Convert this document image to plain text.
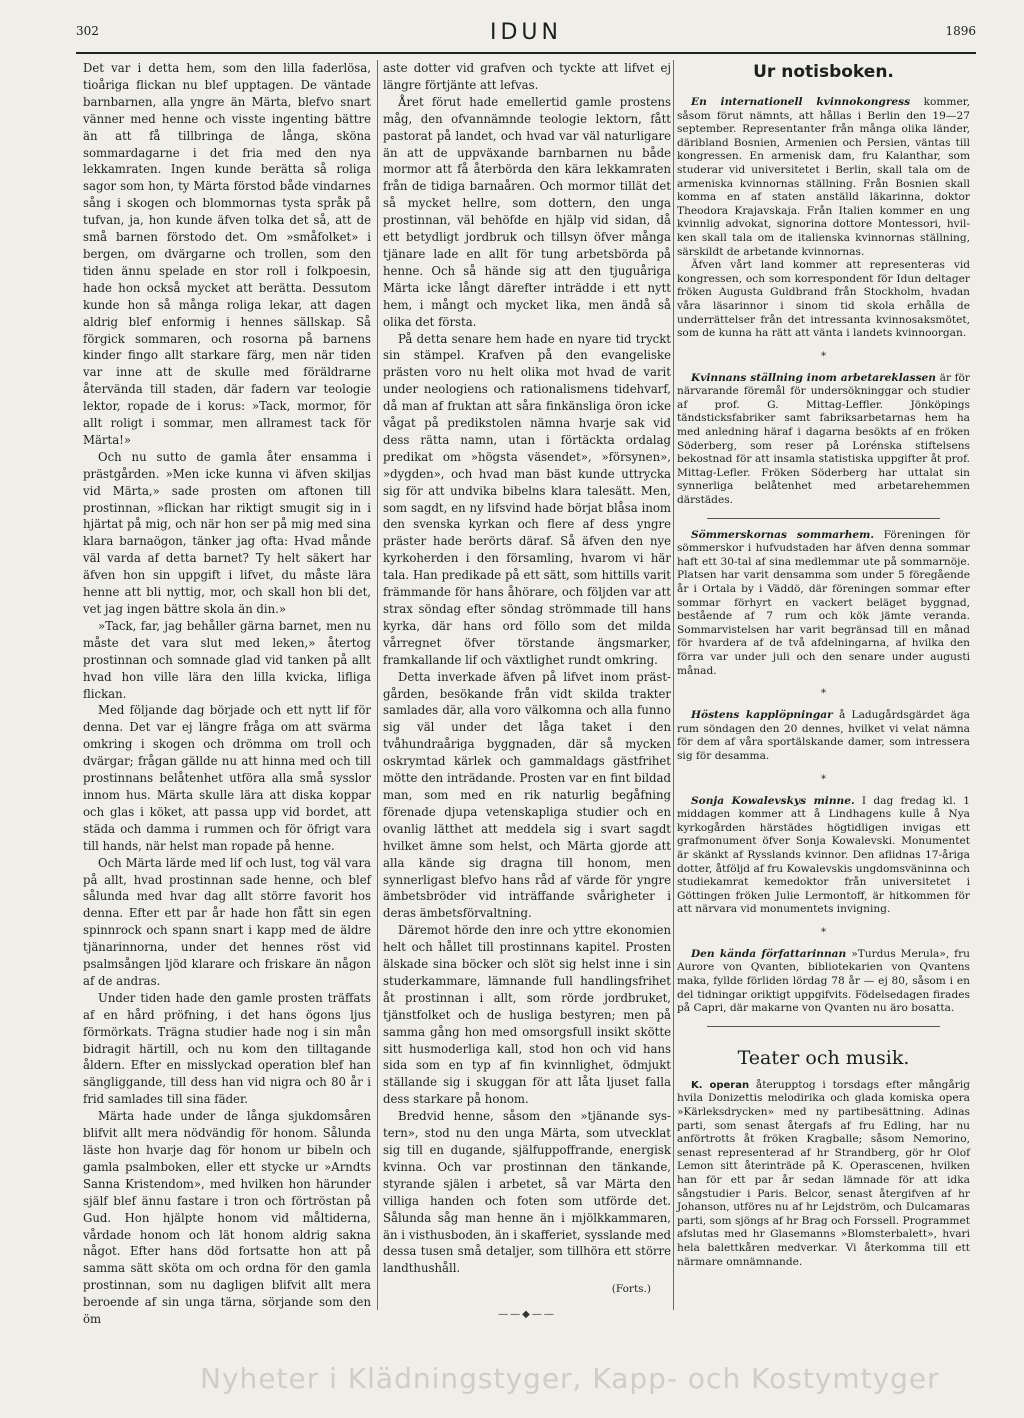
302	IDUN	1896

Det var i detta hem, som den lilla faderlösa, tioåriga flickan nu blef upptagen. De väntade barnbarnen, alla yngre än Märta, blefvo snart vänner med henne och visste ingenting bättre än att få tillbringa de långa, sköna sommardagarne i det fria med den nya lekkamraten. Ingen kunde berätta så roliga sagor som hon, ty Märta förstod både vindarnes sång i skogen och blommornas tysta språk på tufvan, ja, hon kunde äfven tolka det så, att de små barnen förstodo det. Om »småfolket» i bergen, om dvärgarne och trollen, som den tiden ännu spelade en stor roll i folkpoesin, hade hon också mycket att berätta. Dessutom kunde hon så många roliga lekar, att dagen aldrig blef enformig i hennes sällskap. Så förgick sommaren, och rosorna på barnens kinder fingo allt starkare färg, men när tiden var inne att de skulle med föräldrarne återvända till staden, där fadern var teologie lektor, ropade de i korus: »Tack, mormor, för allt roligt i sommar, men allramest tack för Märta!»

Och nu sutto de gamla åter ensamma i prästgården. »Men icke kunna vi äfven skiljas vid Märta,» sade prosten om aftonen till prostinnan, »flickan har riktigt smugit sig in i hjärtat på mig, och när hon ser på mig med sina klara barnaögon, tänker jag ofta: Hvad månde väl varda af detta barnet? Ty helt säkert har äfven hon sin uppgift i lifvet, du måste lära henne att bli nyttig, mor, och skall hon bli det, vet jag ingen bättre skola än din.»

»Tack, far, jag behåller gärna barnet, men nu måste det vara slut med leken,» återtog prostinnan och somnade glad vid tanken på allt hvad hon ville lära den lilla kvicka, lifliga flickan.

Med följande dag började och ett nytt lif för denna. Det var ej längre fråga om att svärma omkring i skogen och drömma om troll och dvärgar; frågan gällde nu att hinna med och till prostinnans belåtenhet utföra alla små sysslor innom hus. Märta skulle lära att diska koppar och glas i köket, att passa upp vid bordet, att städa och damma i rummen och för öfrigt vara till hands, när helst man ropade på henne.

Och Märta lärde med lif och lust, tog väl vara på allt, hvad prostinnan sade henne, och blef sålunda med hvar dag allt större favorit hos denna. Efter ett par år hade hon fått sin egen spinnrock och spann snart i kapp med de äldre tjänarinnorna, under det hennes röst vid psalmsången ljöd klarare och friskare än någon af de andras.

Under tiden hade den gamle prosten träffats af en hård pröfning, i det hans ögons ljus förmörkats. Trägna studier hade nog i sin mån bidragit härtill, och nu kom den tilltagande åldern. Efter en misslyckad operation blef han sängliggande, till dess han vid nigra och 80 år i frid samlades till sina fäder.

Märta hade under de långa sjukdomsåren blifvit allt mera nödvändig för honom. Sålunda läste hon hvarje dag för honom ur bibeln och gamla psalmboken, eller ett stycke ur »Arndts Sanna Kristendom», med hvilken hon härunder själf blef ännu fastare i tron och förtröstan på Gud. Hon hjälpte honom vid måltiderna, vårdade honom och lät honom aldrig sakna något. Efter hans död fortsatte hon att på samma sätt sköta om och ordna för den gamla prostinnan, som nu dagligen blifvit allt mera beroende af sin unga tärna, sörjande som den öm

aste dotter vid grafven och tyckte att lifvet ej längre förtjänte att lefvas.

Året förut hade emellertid gamle prostens måg, den ofvannämnde teologie lektorn, fått pastorat på landet, och hvad var väl naturligare än att de uppväxande barnbarnen nu både mormor att få återbörda den kära lekkamraten från de tidiga barnaåren. Och mormor tillät det så mycket hellre, som dottern, den unga prostinnan, väl behöfde en hjälp vid sidan, då ett betydligt jordbruk och tillsyn öfver många tjänare lade en allt för tung arbetsbörda på henne. Och så hände sig att den tjuguåriga Märta icke långt därefter inträdde i ett nytt hem, i mångt och mycket lika, men ändå så olika det första.

På detta senare hem hade en nyare tid tryckt sin stämpel. Krafven på den evangeliske prästen voro nu helt olika mot hvad de varit under neologiens och rationalismens tidehvarf, då man af fruktan att såra finkänsliga öron icke vågat på predikstolen nämna hvarje sak vid dess rätta namn, utan i förtäckta ordalag predikat om »högsta väsendet», »försynen», »dygden», och hvad man bäst kunde uttrycka sig för att undvika bibelns klara talesätt. Men, som sagdt, en ny lifsvind hade börjat blåsa inom den svenska kyrkan och flere af dess yngre präster hade berörts däraf. Så äfven den nye kyrkoherden i den församling, hvarom vi här tala. Han predikade på ett sätt, som hittills varit främmande för hans åhörare, och följden var att strax söndag efter söndag strömmade till hans kyrka, där hans ord föllo som det milda vårregnet öfver törstande ängsmarker, framkallande lif och växtlighet rundt omkring.

Detta inverkade äfven på lifvet inom prästgården, besökande från vidt skilda trakter samlades där, alla voro välkomna och alla funno sig väl under det låga taket i den tvåhundraåriga byggnaden, där så mycken oskrymtad kärlek och gammaldags gästfrihet mötte den inträdande. Prosten var en fint bildad man, som med en rik naturlig begåfning förenade djupa vetenskapliga studier och en ovanlig lätthet att meddela sig i svart sagdt hvilket ämne som helst, och Märta gjorde att alla kände sig dragna till honom, men synnerligast blefvo hans råd af värde för yngre ämbetsbröder vid inträffande svårigheter i deras ämbetsförvaltning.

Däremot hörde den inre och yttre ekonomien helt och hållet till prostinnans kapitel. Prosten älskade sina böcker och slöt sig helst inne i sin studerkammare, lämnande full handlingsfrihet åt prostinnan i allt, som rörde jordbruket, tjänstfolket och de husliga bestyren; men på samma gång hon med omsorgsfull insikt skötte sitt husmoderliga kall, stod hon och vid hans sida som en typ af fin kvinnlighet, ödmjukt ställande sig i skuggan för att låta ljuset falla dess starkare på honom.

Bredvid henne, såsom den »tjänande systern», stod nu den unga Märta, som utvecklat sig till en dugande, själfuppoffrande, energisk kvinna. Och var prostinnan den tänkande, styrande själen i arbetet, så var Märta den villiga handen och foten som utförde det. Sålunda såg man henne än i mjölkkammaren, än i visthusboden, än i skafferiet, sysslande med dessa tusen små detaljer, som tillhöra ett större landthushåll.

(Forts.)
——◆——
Ur notisboken.

En internationell kvinnokongress kommer, såsom förut nämnts, att hållas i Berlin den 19—27 september. Representanter från många olika länder, däribland Bosnien, Armenien och Persien, väntas till kongressen. En armenisk dam, fru Kalanthar, som studerar vid universitetet i Berlin, skall tala om de armeniska kvinnornas ställning. Från Bosnien skall komma en af staten anställd läkarinna, doktor Theodora Krajavskaja. Från Italien kommer en ung kvinnlig advokat, signorina dottore Montessori, hvilken skall tala om de italienska kvinnornas ställning, särskildt de arbetande kvinnornas.

Äfven vårt land kommer att representeras vid kongressen, och som korrespondent för Idun deltager fröken Augusta Guldbrand från Stockholm, hvadan våra läsarinnor i sinom tid skola erhålla de underrättelser från det intressanta kvinnosaksmötet, som de kunna ha rätt att vänta i landets kvinnoorgan.

*

Kvinnans ställning inom arbetareklassen är för närvarande föremål för undersökninggar och studier af prof. G. Mittag-Leffler. Jönköpings tändsticksfabriker samt fabriksarbetarnas hem ha med anledning häraf i dagarna besökts af en fröken Söderberg, som reser på Lorénska stiftelsens bekostnad för att insamla statistiska uppgifter åt prof. Mittag-Lefler. Fröken Söderberg har uttalat sin synnerliga belåtenhet med arbetarehemmen därstädes.

Sömmerskornas sommarhem. Föreningen för sömmerskor i hufvudstaden har äfven denna sommar haft ett 30-tal af sina medlemmar ute på sommarnöje. Platsen har varit densamma som under 5 föregående år i Ortala by i Väddö, där föreningen sommar efter sommar förhyrt en vackert beläget byggnad, bestående af 7 rum och kök jämte veranda. Sommarvistelsen har varit begränsad till en månad för hvardera af de två afdelningarna, af hvilka den förra var under juli och den senare under augusti månad.

*

Höstens kapplöpningar å Ladugårdsgärdet äga rum söndagen den 20 dennes, hvilket vi velat nämna för dem af våra sportälskande damer, som intressera sig för desamma.

*

Sonja Kowalevskys minne. I dag fredag kl. 1 middagen kommer att å Lindhagens kulle å Nya kyrkogården härstädes högtidligen invigas ett grafmonument öfver Sonja Kowalevski. Monumentet är skänkt af Rysslands kvinnor. Den aflidnas 17-åriga dotter, åtföljd af fru Kowalevskis ungdomsväninna och studiekamrat kemedoktor från universitetet i Göttingen fröken Julie Lermontoff, är hitkommen för att närvara vid monumentets invigning.

*

Den kända författarinnan »Turdus Merula», fru Aurore von Qvanten, bibliotekarien von Qvantens maka, fyllde förliden lördag 78 år — ej 80, såsom i en del tidningar oriktigt uppgifvits. Födelsedagen firades på Capri, där makarne von Qvanten nu äro bosatta.

Teater och musik.

K. operan återupptog i torsdags efter mångårig hvila Donizettis melodirika och glada komiska opera »Kärleksdrycken» med ny partibesättning. Adinas parti, som senast återgafs af fru Edling, har nu anförtrotts åt fröken Kragballe; såsom Nemorino, senast representerad af hr Strandberg, gör hr Olof Lemon sitt återinträde på K. Operascenen, hvilken han för ett par år sedan lämnade för att idka sångstudier i Paris. Belcor, senast återgifven af hr Johanson, utföres nu af hr Lejdström, och Dulcamaras parti, som sjöngs af hr Brag och Forssell. Programmet afslutas med hr Glasemanns »Blomsterbalett», hvari hela balettkåren medverkar. Vi återkomma till ett närmare omnämnande.

Nyheter i Klädningstyger, Kapp- och Kostymtyger
